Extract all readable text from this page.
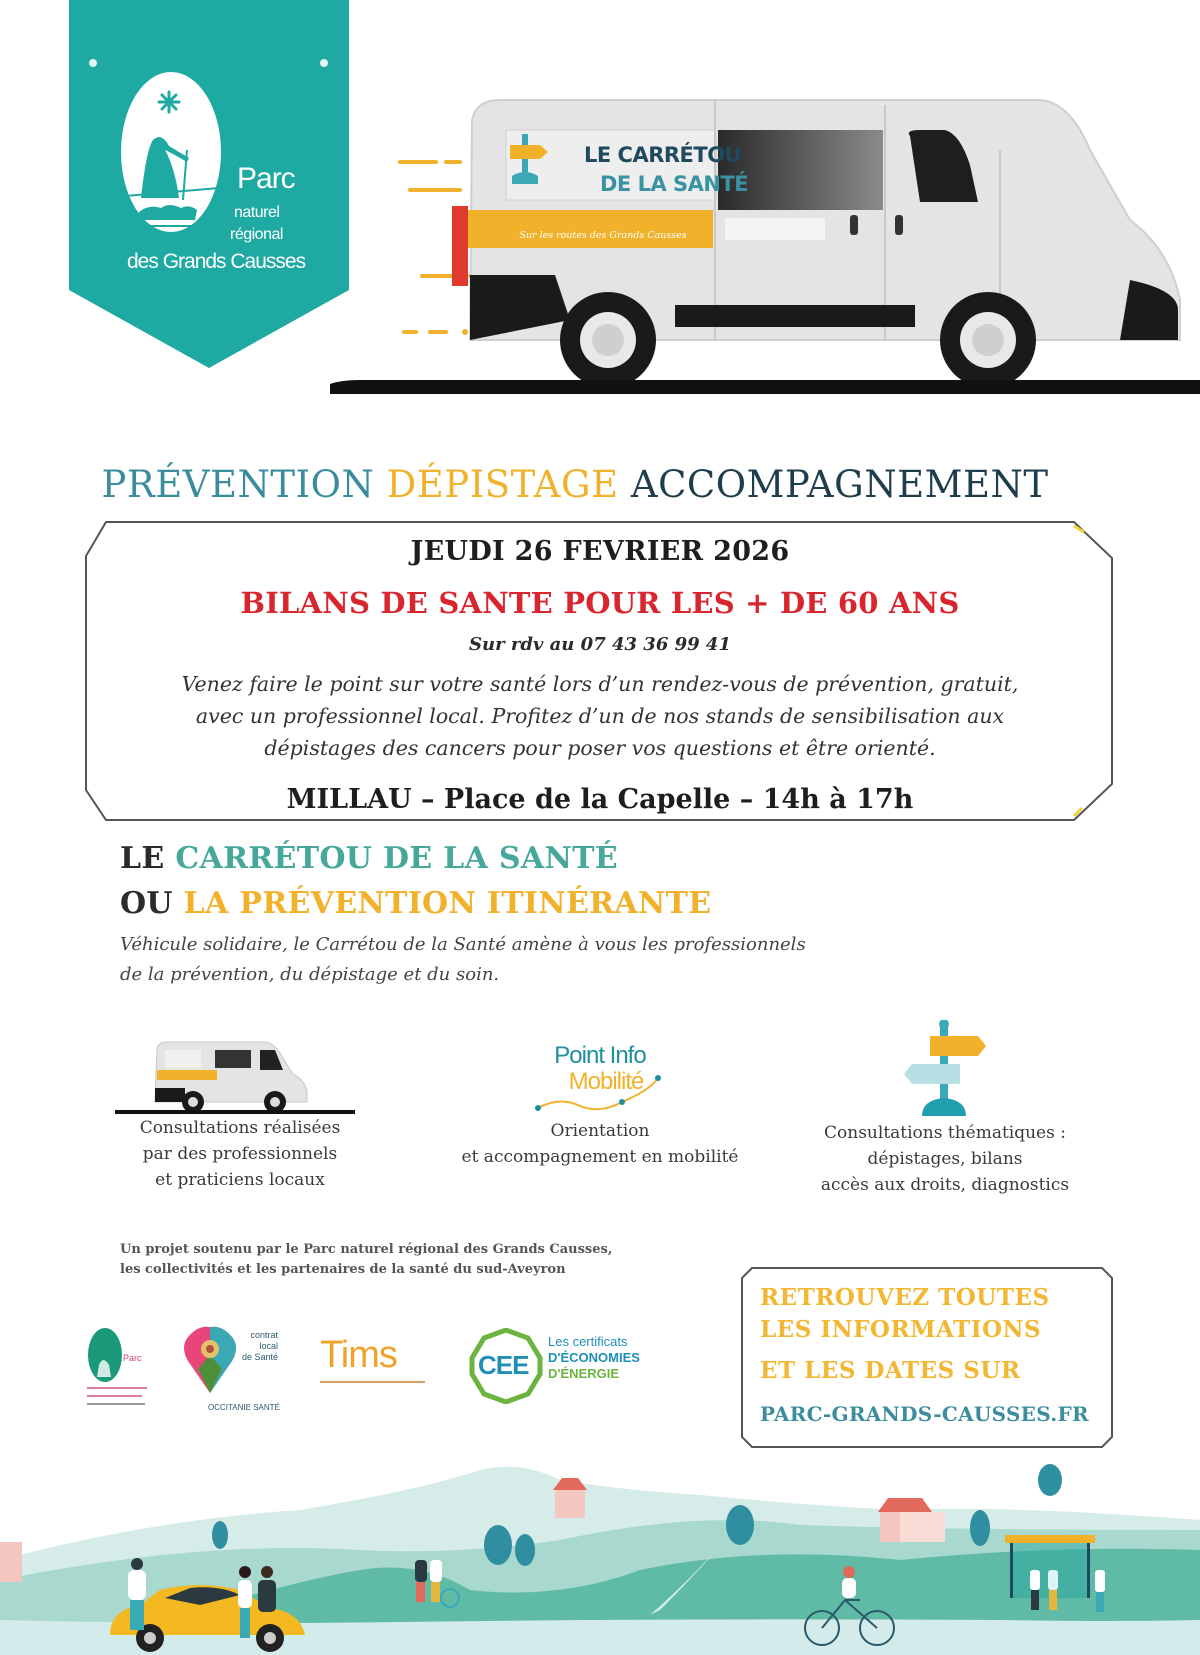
Parc
naturel
régional
des Grands Causses
LE CARRÉTOU
DE LA SANTÉ
Sur les routes des Grands Causses
PRÉVENTION DÉPISTAGE ACCOMPAGNEMENT
JEUDI 26 FEVRIER 2026
BILANS DE SANTE POUR LES + DE 60 ANS
Sur rdv au 07 43 36 99 41
Venez faire le point sur votre santé lors d’un rendez-vous de prévention, gratuit,
avec un professionnel local. Profitez d’un de nos stands de sensibilisation aux
dépistages des cancers pour poser vos questions et être orienté.
MILLAU – Place de la Capelle – 14h à 17h
LE CARRÉTOU DE LA SANTÉ
OU LA PRÉVENTION ITINÉRANTE
Véhicule solidaire, le Carrétou de la Santé amène à vous les professionnels
de la prévention, du dépistage et du soin.
Consultations réalisées
par des professionnels
et praticiens locaux
Point Info
Mobilité
Orientation
et accompagnement en mobilité
Consultations thématiques :
dépistages, bilans
accès aux droits, diagnostics
Un projet soutenu par le Parc naturel régional des Grands Causses,
les collectivités et les partenaires de la santé du sud-Aveyron
Parc
contrat
local
de Santé
OCCITANIE SANTÉ
Tims	CEE
Les certificats
D'ÉCONOMIES
D'ÉNERGIE
RETROUVEZ TOUTES
LES INFORMATIONS
ET LES DATES SUR
PARC-GRANDS-CAUSSES.FR
